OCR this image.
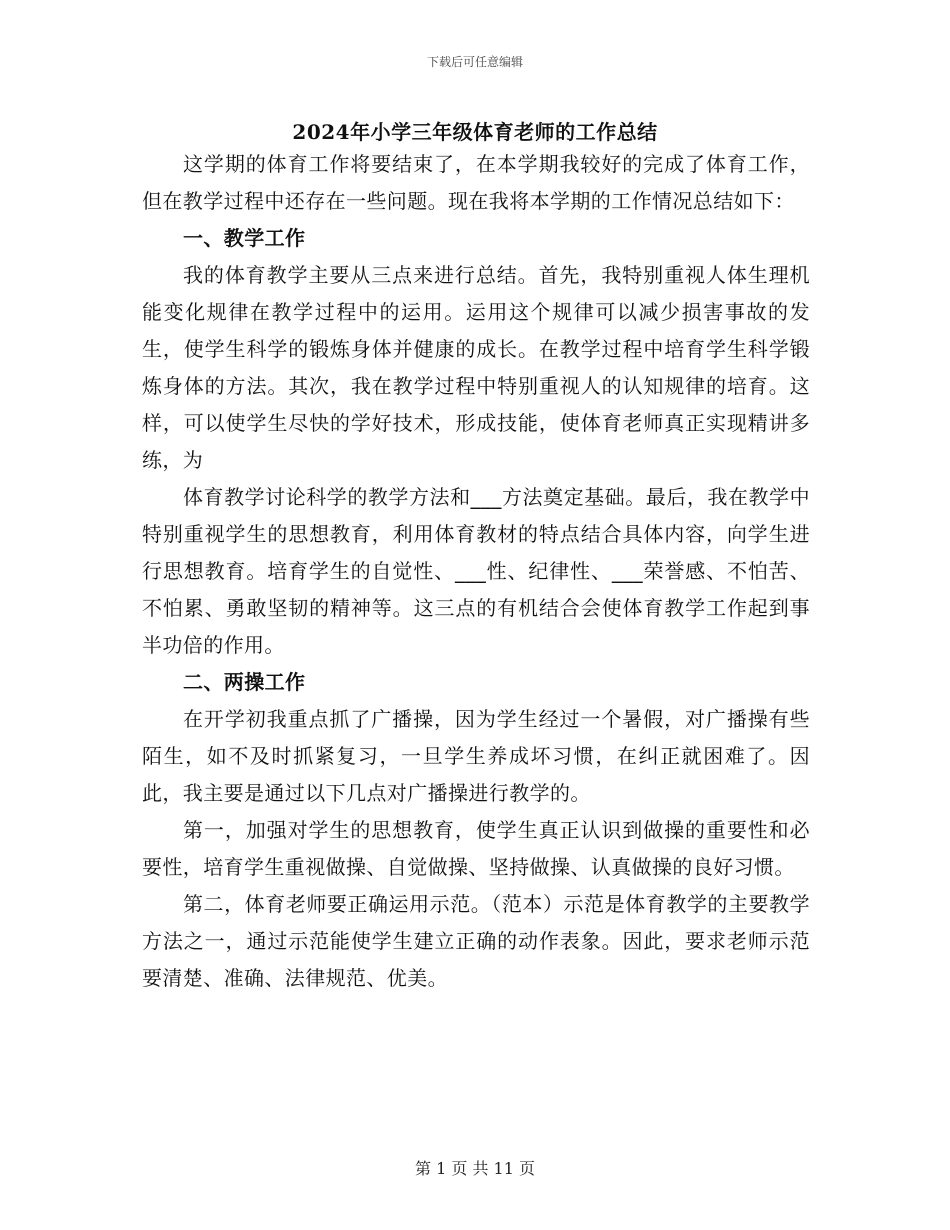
下载后可任意编辑
2024年小学三年级体育老师的工作总结

这学期的体育工作将要结束了，在本学期我较好的完成了体育工作，但在教学过程中还存在一些问题。现在我将本学期的工作情况总结如下：

一、教学工作

我的体育教学主要从三点来进行总结。首先，我特别重视人体生理机能变化规律在教学过程中的运用。运用这个规律可以减少损害事故的发生，使学生科学的锻炼身体并健康的成长。在教学过程中培育学生科学锻炼身体的方法。其次，我在教学过程中特别重视人的认知规律的培育。这样，可以使学生尽快的学好技术，形成技能，使体育老师真正实现精讲多练，为

体育教学讨论科学的教学方法和___方法奠定基础。最后，我在教学中特别重视学生的思想教育，利用体育教材的特点结合具体内容，向学生进行思想教育。培育学生的自觉性、___性、纪律性、___荣誉感、不怕苦、不怕累、勇敢坚韧的精神等。这三点的有机结合会使体育教学工作起到事半功倍的作用。

二、两操工作

在开学初我重点抓了广播操，因为学生经过一个暑假，对广播操有些陌生，如不及时抓紧复习，一旦学生养成坏习惯，在纠正就困难了。因此，我主要是通过以下几点对广播操进行教学的。

第一，加强对学生的思想教育，使学生真正认识到做操的重要性和必要性，培育学生重视做操、自觉做操、坚持做操、认真做操的良好习惯。

第二，体育老师要正确运用示范。（范本）示范是体育教学的主要教学方法之一，通过示范能使学生建立正确的动作表象。因此，要求老师示范要清楚、准确、法律规范、优美。

第 1 页 共 11 页
